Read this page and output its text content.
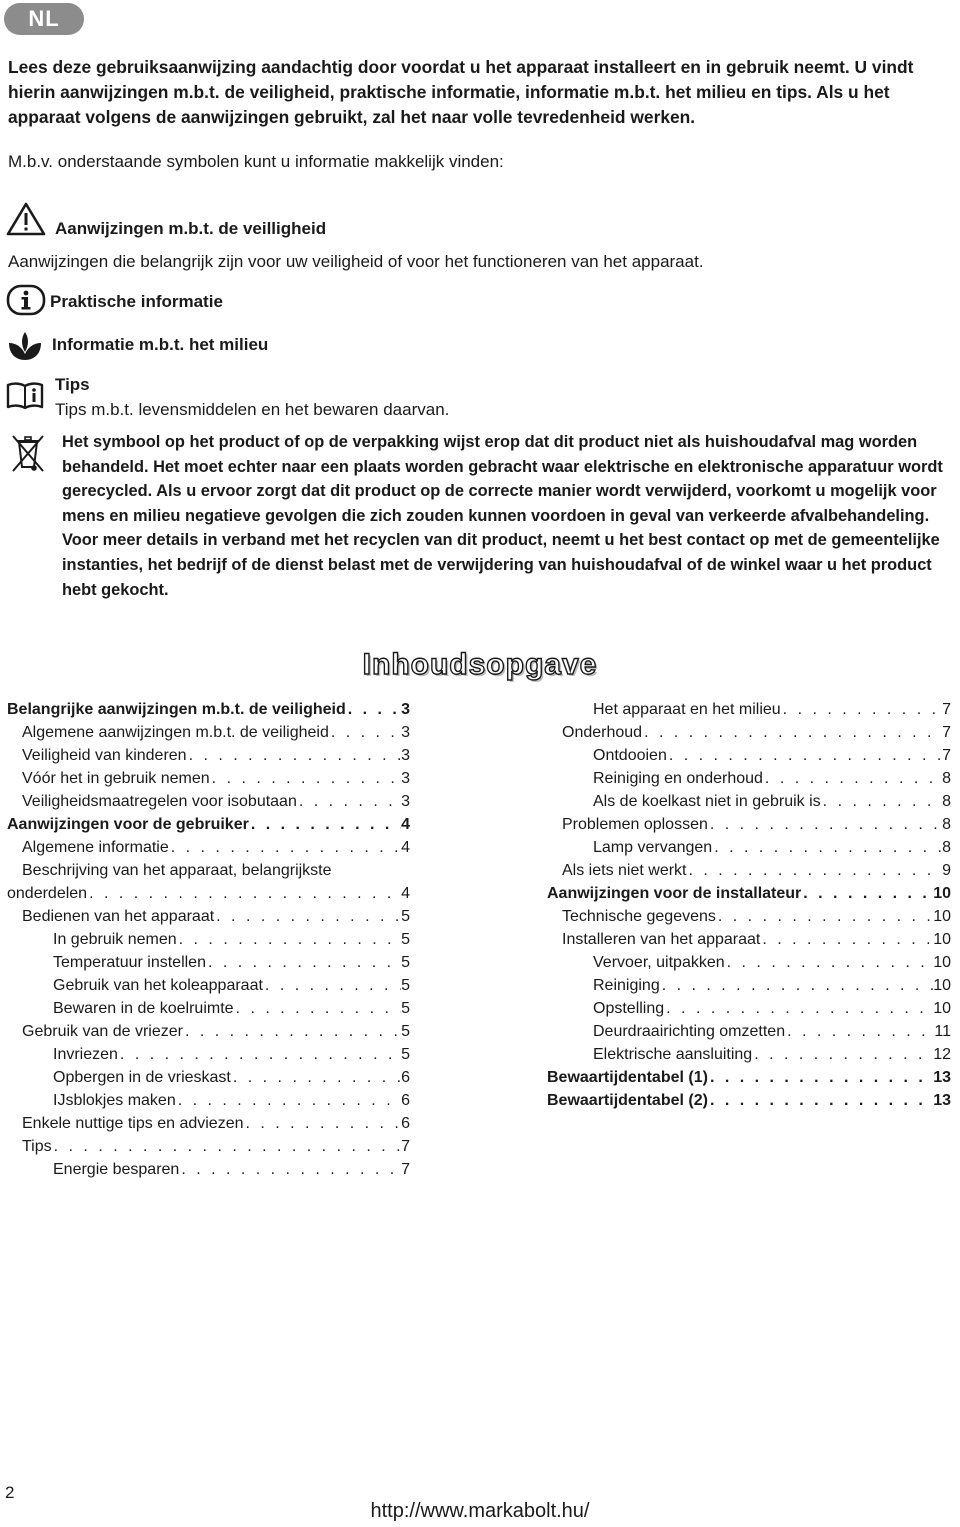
NL
Lees deze gebruiksaanwijzing aandachtig door voordat u het apparaat installeert en in gebruik neemt. U vindt hierin aanwijzingen m.b.t. de veiligheid, praktische informatie, informatie m.b.t. het milieu en tips. Als u het apparaat volgens de aanwijzingen gebruikt, zal het naar volle tevredenheid werken.
M.b.v. onderstaande symbolen kunt u informatie makkelijk vinden:
Aanwijzingen m.b.t. de veilligheid
Aanwijzingen die belangrijk zijn voor uw veiligheid of voor het functioneren van het apparaat.
Praktische informatie
Informatie m.b.t. het milieu
Tips
Tips m.b.t. levensmiddelen en het bewaren daarvan.
Het symbool op het product of op de verpakking wijst erop dat dit product niet als huishoudafval mag worden behandeld. Het moet echter naar een plaats worden gebracht waar elektrische en elektronische apparatuur wordt gerecycled. Als u ervoor zorgt dat dit product op de correcte manier wordt verwijderd, voorkomt u mogelijk voor mens en milieu negatieve gevolgen die zich zouden kunnen voordoen in geval van verkeerde afvalbehandeling. Voor meer details in verband met het recyclen van dit product, neemt u het best contact op met de gemeentelijke instanties, het bedrijf of de dienst belast met de verwijdering van huishoudafval of de winkel waar u het product hebt gekocht.
Inhoudsopgave
Belangrijke aanwijzingen m.b.t. de veiligheid . . .	3
Algemene aanwijzingen m.b.t. de veiligheid . . .	3
Veiligheid van kinderen . . .	3
Vóór het in gebruik nemen . . .	3
Veiligheidsmaatregelen voor isobutaan . . .	3
Aanwijzingen voor de gebruiker . . .	4
Algemene informatie . . .	4
Beschrijving van het apparaat, belangrijkste
onderdelen . . .	4
Bedienen van het apparaat . . .	5
In gebruik nemen . . .	5
Temperatuur instellen . . .	5
Gebruik van het koleapparaat . . .	5
Bewaren in de koelruimte . . .	5
Gebruik van de vriezer . . .	5
Invriezen . . .	5
Opbergen in de vrieskast . . .	6
IJsblokjes maken . . .	6
Enkele nuttige tips en adviezen . . .	6
Tips . . .	7
Energie besparen . . .	7
Het apparaat en het milieu . . .	7
Onderhoud . . .	7
Ontdooien . . .	7
Reiniging en onderhoud . . .	8
Als de koelkast niet in gebruik is . . .	8
Problemen oplossen . . .	8
Lamp vervangen . . .	8
Als iets niet werkt . . .	9
Aanwijzingen voor de installateur . . .	10
Technische gegevens . . .	10
Installeren van het apparaat . . .	10
Vervoer, uitpakken . . .	10
Reiniging . . .	10
Opstelling . . .	10
Deurdraairichting omzetten . . .	11
Elektrische aansluiting . . .	12
Bewaartijdentabel (1) . . .	13
Bewaartijdentabel (2) . . .	13
2
http://www.markabolt.hu/
